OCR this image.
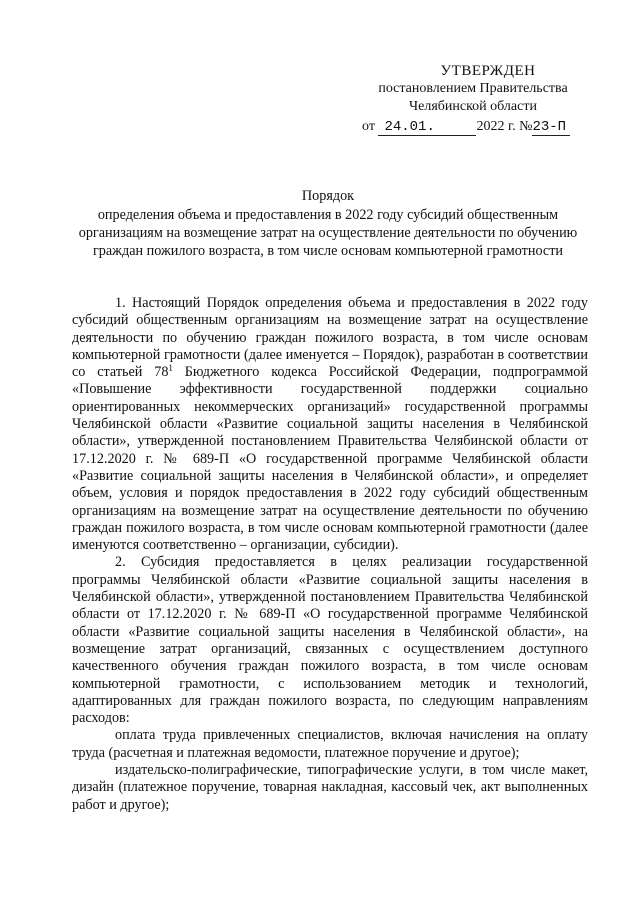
УТВЕРЖДЕН
постановлением Правительства
Челябинской области
от 24.01.	2022 г. №23-П
Порядок
определения объема и предоставления в 2022 году субсидий общественным организациям на возмещение затрат на осуществление деятельности по обучению граждан пожилого возраста, в том числе основам компьютерной грамотности

1. Настоящий Порядок определения объема и предоставления в 2022 году субсидий общественным организациям на возмещение затрат на осуществление деятельности по обучению граждан пожилого возраста, в том числе основам компьютерной грамотности (далее именуется – Порядок), разработан в соответствии со статьей $78^1$ Бюджетного кодекса Российской Федерации, подпрограммой «Повышение эффективности государственной поддержки социально ориентированных некоммерческих организаций» государственной программы Челябинской области «Развитие социальной защиты населения в Челябинской области», утвержденной постановлением Правительства Челябинской области от 17.12.2020 г. № 689-П «О государственной программе Челябинской области «Развитие социальной защиты населения в Челябинской области», и определяет объем, условия и порядок предоставления в 2022 году субсидий общественным организациям на возмещение затрат на осуществление деятельности по обучению граждан пожилого возраста, в том числе основам компьютерной грамотности (далее именуются соответственно – организации, субсидии).

2. Субсидия предоставляется в целях реализации государственной программы Челябинской области «Развитие социальной защиты населения в Челябинской области», утвержденной постановлением Правительства Челябинской области от 17.12.2020 г. № 689-П «О государственной программе Челябинской области «Развитие социальной защиты населения в Челябинской области», на возмещение затрат организаций, связанных с осуществлением доступного качественного обучения граждан пожилого возраста, в том числе основам компьютерной грамотности, с использованием методик и технологий, адаптированных для граждан пожилого возраста, по следующим направлениям расходов:

оплата труда привлеченных специалистов, включая начисления на оплату труда (расчетная и платежная ведомости, платежное поручение и другое);

издательско-полиграфические, типографические услуги, в том числе макет, дизайн (платежное поручение, товарная накладная, кассовый чек, акт выполненных работ и другое);
